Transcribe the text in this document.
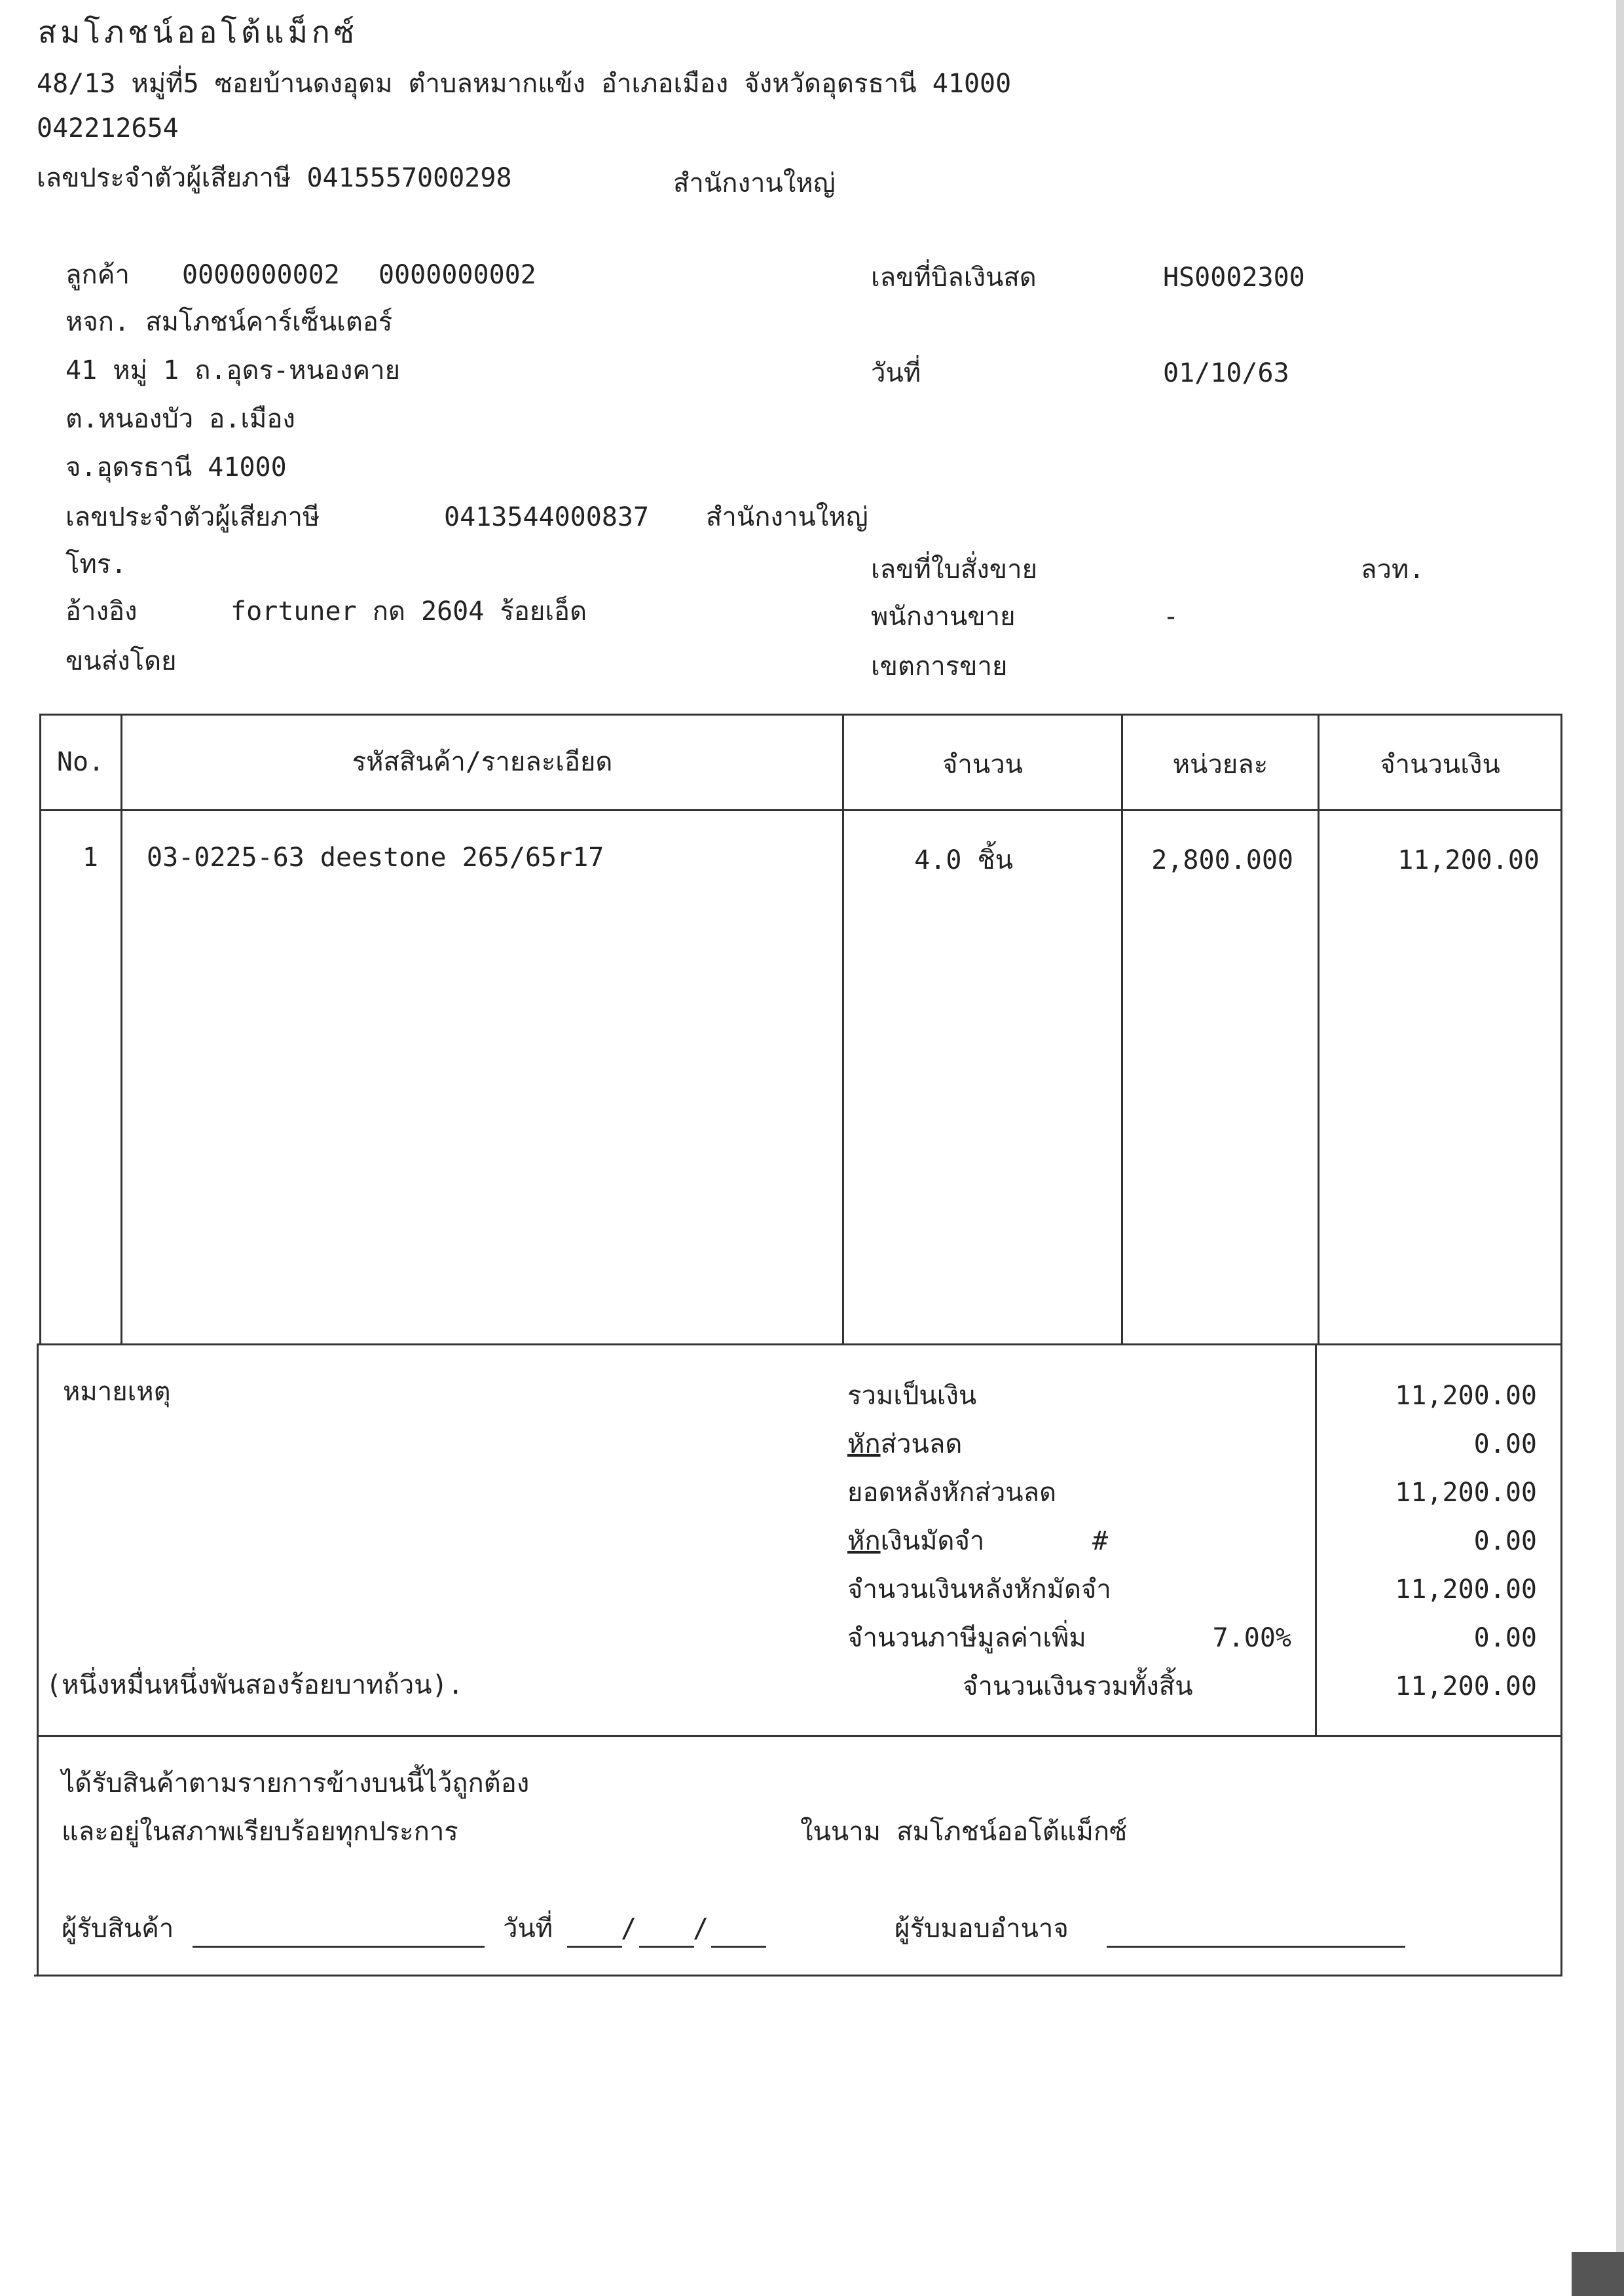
สมโภชน์ออโต้แม็กซ์
48/13 หมู่ที่5 ซอยบ้านดงอุดม ตำบลหมากแข้ง อำเภอเมือง จังหวัดอุดรธานี 41000
042212654
เลขประจำตัวผู้เสียภาษี 0415557000298	สำนักงานใหญ่
ลูกค้า 0000000002 0000000002
หจก. สมโภชน์คาร์เซ็นเตอร์
41 หมู่ 1 ถ.อุดร-หนองคาย
ต.หนองบัว อ.เมือง
จ.อุดรธานี 41000
เลขประจำตัวผู้เสียภาษี	0413544000837 สำนักงานใหญ่
โทร.
อ้างอิง	fortuner กด 2604 ร้อยเอ็ด
ขนส่งโดย
เลขที่บิลเงินสด	HS0002300
วันที่	01/10/63
เลขที่ใบสั่งขาย	ลวท.
พนักงานขาย	-
เขตการขาย
No.	รหัสสินค้า/รายละเอียด	จำนวน	หน่วยละ	จำนวนเงิน
1 03-0225-63 deestone 265/65r17	4.0 ชิ้น	2,800.000	11,200.00
หมายเหตุ
(หนึ่งหมื่นหนึ่งพันสองร้อยบาทถ้วน).
รวมเป็นเงิน	11,200.00
หักส่วนลด	0.00
ยอดหลังหักส่วนลด	11,200.00
หักเงินมัดจำ	#	0.00
จำนวนเงินหลังหักมัดจำ	11,200.00
จำนวนภาษีมูลค่าเพิ่ม	7.00%	0.00
จำนวนเงินรวมทั้งสิ้น	11,200.00
ได้รับสินค้าตามรายการข้างบนนี้ไว้ถูกต้อง
และอยู่ในสภาพเรียบร้อยทุกประการ	ในนาม สมโภชน์ออโต้แม็กซ์
ผู้รับสินค้า	วันที่	/ /	ผู้รับมอบอำนาจ
